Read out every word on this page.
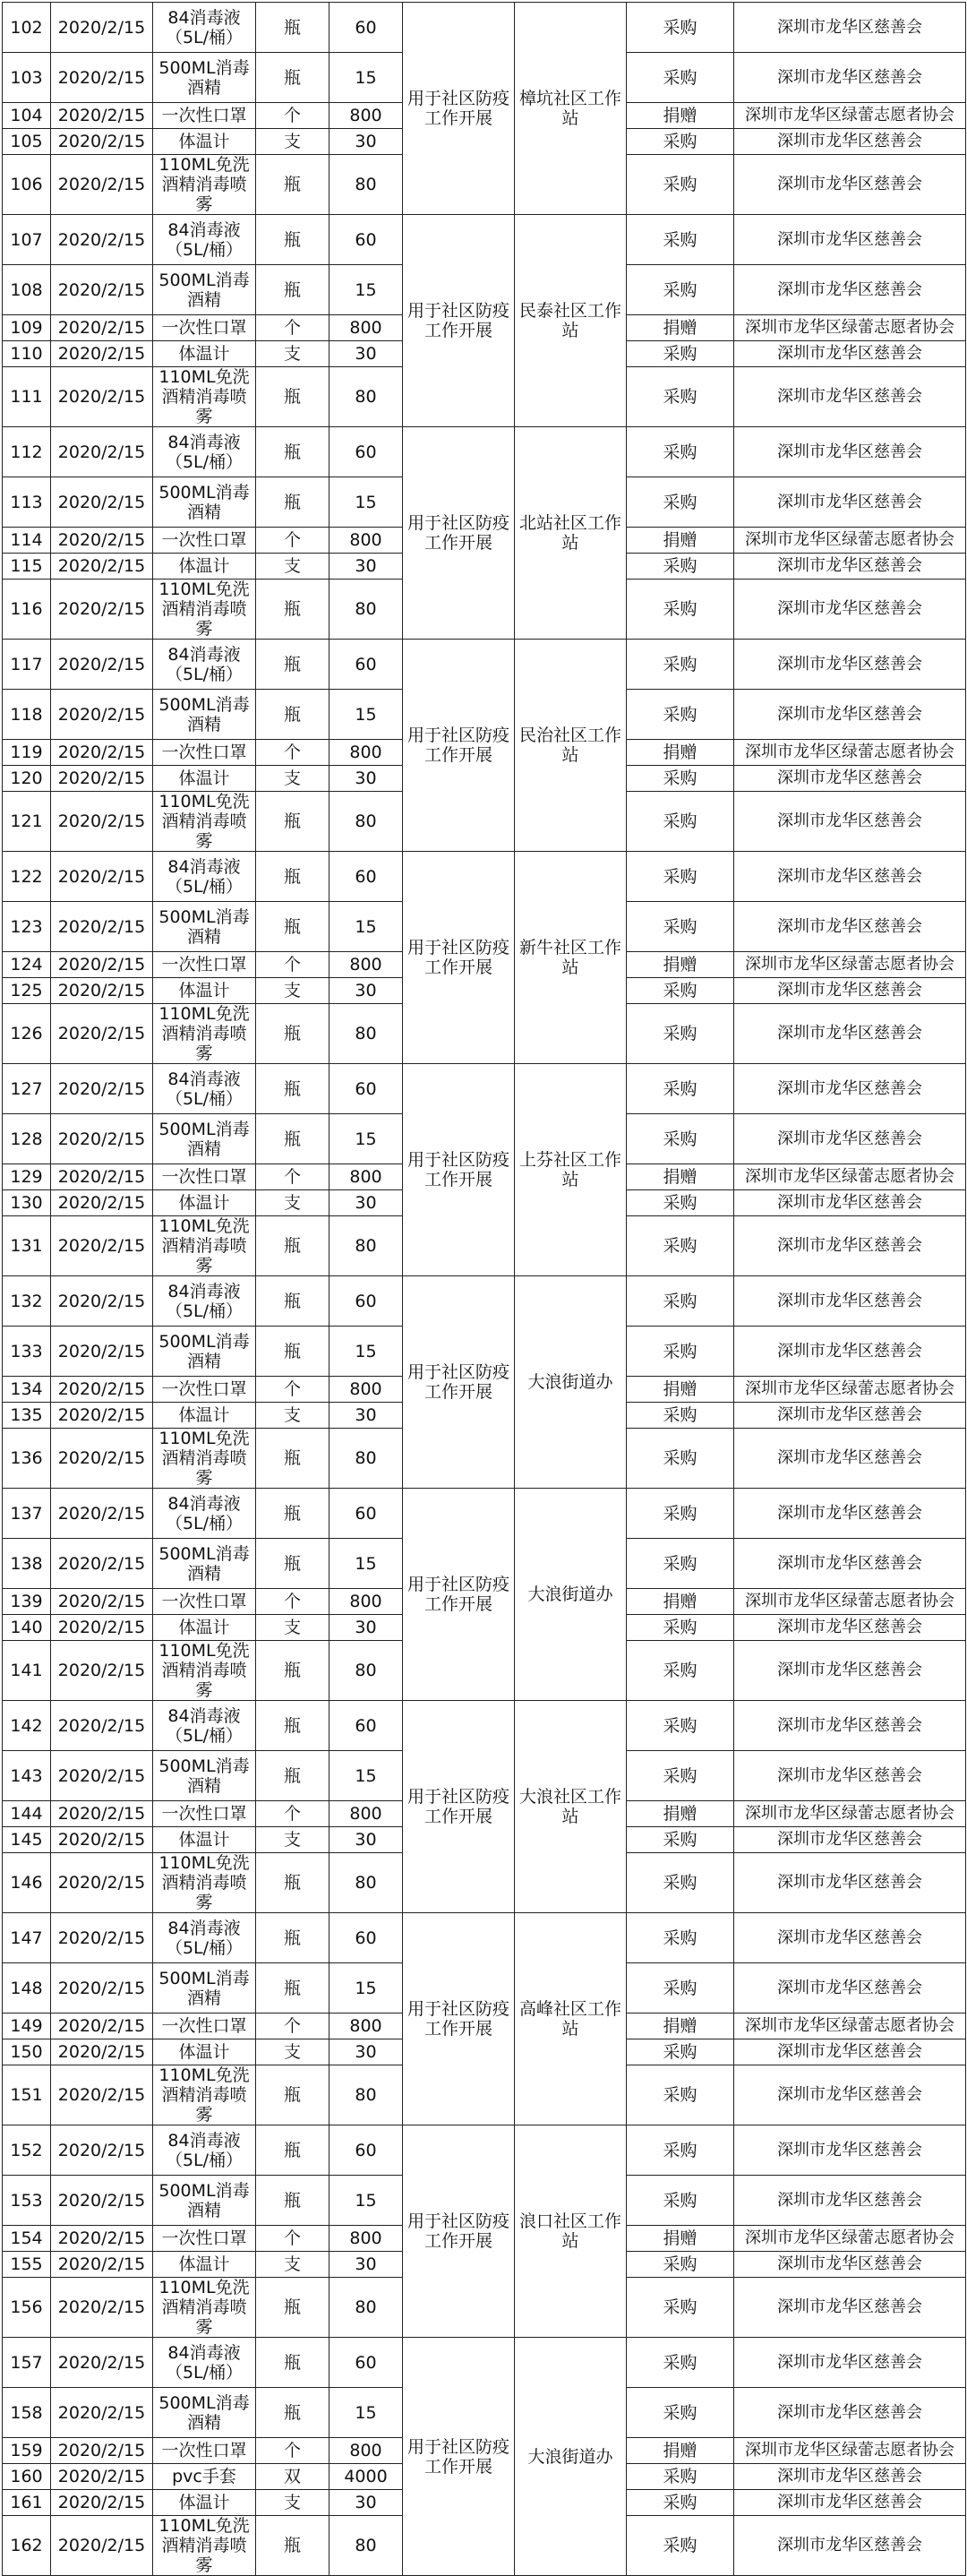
102	2020/2/15	84消毒液（5L/桶）	瓶	60	用于社区防疫工作开展	樟坑社区工作站	采购	深圳市龙华区慈善会
103	2020/2/15	500ML消毒酒精	瓶	15			采购	深圳市龙华区慈善会
104	2020/2/15	一次性口罩	个	800			捐赠	深圳市龙华区绿蕾志愿者协会
105	2020/2/15	体温计	支	30			采购	深圳市龙华区慈善会
106	2020/2/15	110ML免洗酒精消毒喷雾	瓶	80			采购	深圳市龙华区慈善会
107	2020/2/15	84消毒液（5L/桶）	瓶	60	用于社区防疫工作开展	民泰社区工作站	采购	深圳市龙华区慈善会
108	2020/2/15	500ML消毒酒精	瓶	15			采购	深圳市龙华区慈善会
109	2020/2/15	一次性口罩	个	800			捐赠	深圳市龙华区绿蕾志愿者协会
110	2020/2/15	体温计	支	30			采购	深圳市龙华区慈善会
111	2020/2/15	110ML免洗酒精消毒喷雾	瓶	80			采购	深圳市龙华区慈善会
112	2020/2/15	84消毒液（5L/桶）	瓶	60	用于社区防疫工作开展	北站社区工作站	采购	深圳市龙华区慈善会
113	2020/2/15	500ML消毒酒精	瓶	15			采购	深圳市龙华区慈善会
114	2020/2/15	一次性口罩	个	800			捐赠	深圳市龙华区绿蕾志愿者协会
115	2020/2/15	体温计	支	30			采购	深圳市龙华区慈善会
116	2020/2/15	110ML免洗酒精消毒喷雾	瓶	80			采购	深圳市龙华区慈善会
117	2020/2/15	84消毒液（5L/桶）	瓶	60	用于社区防疫工作开展	民治社区工作站	采购	深圳市龙华区慈善会
118	2020/2/15	500ML消毒酒精	瓶	15			采购	深圳市龙华区慈善会
119	2020/2/15	一次性口罩	个	800			捐赠	深圳市龙华区绿蕾志愿者协会
120	2020/2/15	体温计	支	30			采购	深圳市龙华区慈善会
121	2020/2/15	110ML免洗酒精消毒喷雾	瓶	80			采购	深圳市龙华区慈善会
122	2020/2/15	84消毒液（5L/桶）	瓶	60	用于社区防疫工作开展	新牛社区工作站	采购	深圳市龙华区慈善会
123	2020/2/15	500ML消毒酒精	瓶	15			采购	深圳市龙华区慈善会
124	2020/2/15	一次性口罩	个	800			捐赠	深圳市龙华区绿蕾志愿者协会
125	2020/2/15	体温计	支	30			采购	深圳市龙华区慈善会
126	2020/2/15	110ML免洗酒精消毒喷雾	瓶	80			采购	深圳市龙华区慈善会
127	2020/2/15	84消毒液（5L/桶）	瓶	60	用于社区防疫工作开展	上芬社区工作站	采购	深圳市龙华区慈善会
128	2020/2/15	500ML消毒酒精	瓶	15			采购	深圳市龙华区慈善会
129	2020/2/15	一次性口罩	个	800			捐赠	深圳市龙华区绿蕾志愿者协会
130	2020/2/15	体温计	支	30			采购	深圳市龙华区慈善会
131	2020/2/15	110ML免洗酒精消毒喷雾	瓶	80			采购	深圳市龙华区慈善会
132	2020/2/15	84消毒液（5L/桶）	瓶	60	用于社区防疫工作开展	大浪街道办	采购	深圳市龙华区慈善会
133	2020/2/15	500ML消毒酒精	瓶	15			采购	深圳市龙华区慈善会
134	2020/2/15	一次性口罩	个	800			捐赠	深圳市龙华区绿蕾志愿者协会
135	2020/2/15	体温计	支	30			采购	深圳市龙华区慈善会
136	2020/2/15	110ML免洗酒精消毒喷雾	瓶	80			采购	深圳市龙华区慈善会
137	2020/2/15	84消毒液（5L/桶）	瓶	60	用于社区防疫工作开展	大浪街道办	采购	深圳市龙华区慈善会
138	2020/2/15	500ML消毒酒精	瓶	15			采购	深圳市龙华区慈善会
139	2020/2/15	一次性口罩	个	800			捐赠	深圳市龙华区绿蕾志愿者协会
140	2020/2/15	体温计	支	30			采购	深圳市龙华区慈善会
141	2020/2/15	110ML免洗酒精消毒喷雾	瓶	80			采购	深圳市龙华区慈善会
142	2020/2/15	84消毒液（5L/桶）	瓶	60	用于社区防疫工作开展	大浪社区工作站	采购	深圳市龙华区慈善会
143	2020/2/15	500ML消毒酒精	瓶	15			采购	深圳市龙华区慈善会
144	2020/2/15	一次性口罩	个	800			捐赠	深圳市龙华区绿蕾志愿者协会
145	2020/2/15	体温计	支	30			采购	深圳市龙华区慈善会
146	2020/2/15	110ML免洗酒精消毒喷雾	瓶	80			采购	深圳市龙华区慈善会
147	2020/2/15	84消毒液（5L/桶）	瓶	60	用于社区防疫工作开展	高峰社区工作站	采购	深圳市龙华区慈善会
148	2020/2/15	500ML消毒酒精	瓶	15			采购	深圳市龙华区慈善会
149	2020/2/15	一次性口罩	个	800			捐赠	深圳市龙华区绿蕾志愿者协会
150	2020/2/15	体温计	支	30			采购	深圳市龙华区慈善会
151	2020/2/15	110ML免洗酒精消毒喷雾	瓶	80			采购	深圳市龙华区慈善会
152	2020/2/15	84消毒液（5L/桶）	瓶	60	用于社区防疫工作开展	浪口社区工作站	采购	深圳市龙华区慈善会
153	2020/2/15	500ML消毒酒精	瓶	15			采购	深圳市龙华区慈善会
154	2020/2/15	一次性口罩	个	800			捐赠	深圳市龙华区绿蕾志愿者协会
155	2020/2/15	体温计	支	30			采购	深圳市龙华区慈善会
156	2020/2/15	110ML免洗酒精消毒喷雾	瓶	80			采购	深圳市龙华区慈善会
157	2020/2/15	84消毒液（5L/桶）	瓶	60	用于社区防疫工作开展	大浪街道办	采购	深圳市龙华区慈善会
158	2020/2/15	500ML消毒酒精	瓶	15			采购	深圳市龙华区慈善会
159	2020/2/15	一次性口罩	个	800			捐赠	深圳市龙华区绿蕾志愿者协会
160	2020/2/15	pvc手套	双	4000			采购	深圳市龙华区慈善会
161	2020/2/15	体温计	支	30			采购	深圳市龙华区慈善会
162	2020/2/15	110ML免洗酒精消毒喷雾	瓶	80			采购	深圳市龙华区慈善会
